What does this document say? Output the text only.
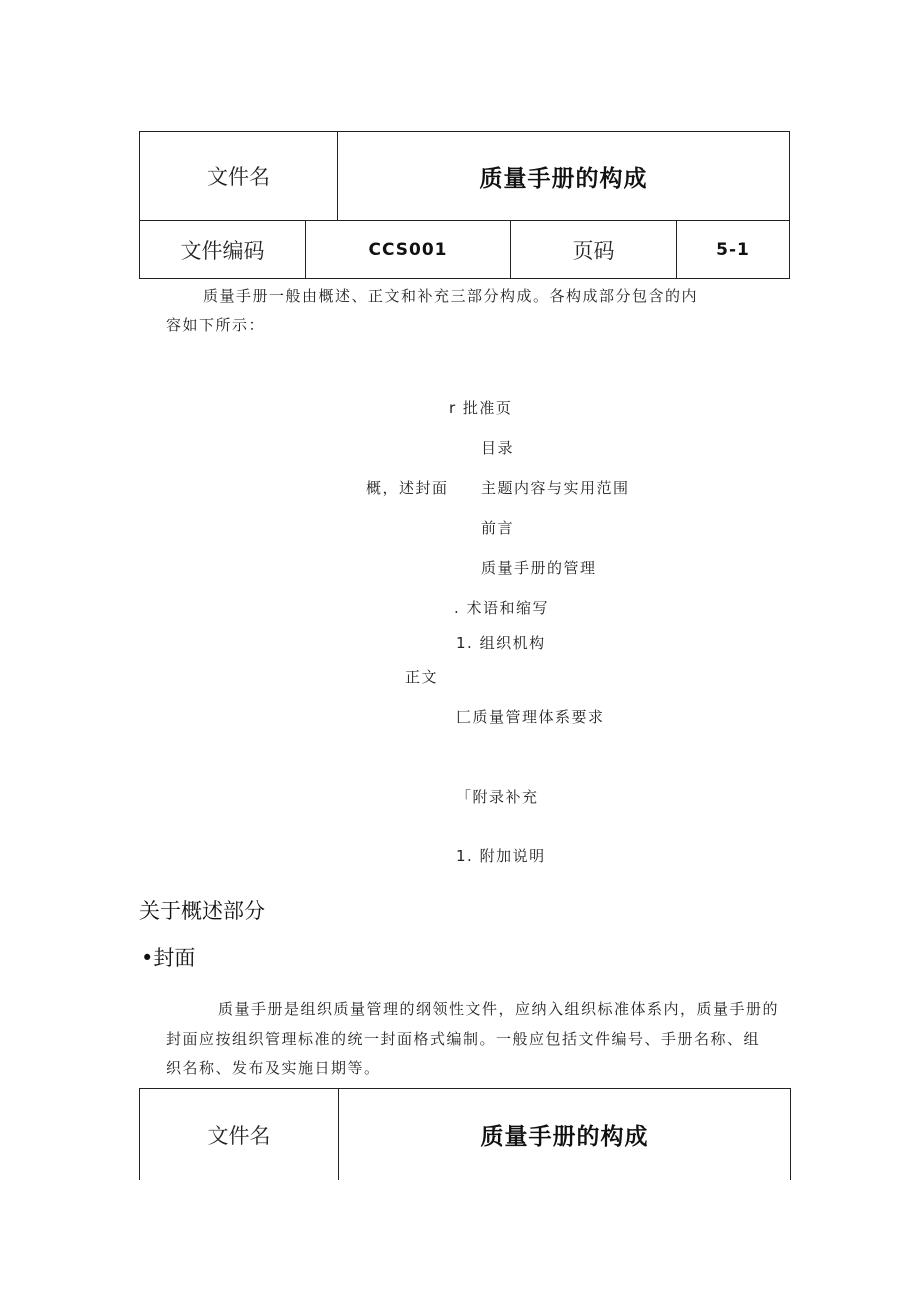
文件名		质量手册的构成		
文件编码	CCS001		页码	5-1
质量手册一般由概述、正文和补充三部分构成。各构成部分包含的内
容如下所示：
r 批准页
目录
概，述封面 主题内容与实用范围
前言
质量手册的管理
. 术语和缩写
1. 组织机构
正文
匚质量管理体系要求
「附录补充
1. 附加说明
关于概述部分
•封面
质量手册是组织质量管理的纲领性文件，应纳入组织标准体系内，质量手册的
封面应按组织管理标准的统一封面格式编制。一般应包括文件编号、手册名称、组
织名称、发布及实施日期等。
文件名	质量手册的构成
